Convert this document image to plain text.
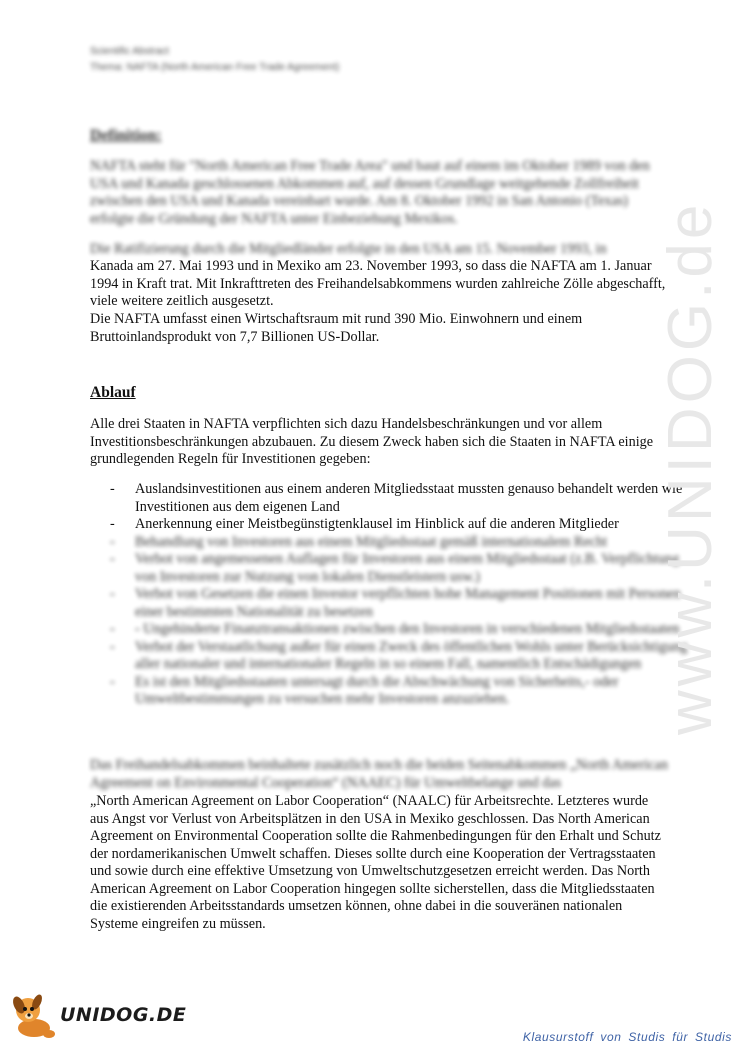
Scientific Abstract
Thema: NAFTA (North American Free Trade Agreement)
Definition:

NAFTA steht für "North American Free Trade Area" und baut auf einem im Oktober 1989 von den USA und Kanada geschlossenen Abkommen auf, auf dessen Grundlage weitgehende Zollfreiheit zwischen den USA und Kanada vereinbart wurde. Am 8. Oktober 1992 in San Antonio (Texas) erfolgte die Gründung der NAFTA unter Einbeziehung Mexikos.

Die Ratifizierung durch die Mitgliedländer erfolgte in den USA am 15. November 1993, in

Kanada am 27. Mai 1993 und in Mexiko am 23. November 1993, so dass die NAFTA am 1. Januar 1994 in Kraft trat. Mit Inkrafttreten des Freihandelsabkommens wurden zahlreiche Zölle abgeschafft, viele weitere zeitlich ausgesetzt.

Die NAFTA umfasst einen Wirtschaftsraum mit rund 390 Mio. Einwohnern und einem Bruttoinlandsprodukt von 7,7 Billionen US-Dollar.

Ablauf

Alle drei Staaten in NAFTA verpflichten sich dazu Handelsbeschränkungen und vor allem Investitionsbeschränkungen abzubauen. Zu diesem Zweck haben sich die Staaten in NAFTA einige grundlegenden Regeln für Investitionen gegeben:

- Auslandsinvestitionen aus einem anderen Mitgliedsstaat mussten genauso behandelt werden wie Investitionen aus dem eigenen Land
- Anerkennung einer Meistbegünstigtenklausel im Hinblick auf die anderen Mitglieder
- Behandlung von Investoren aus einem Mitgliedsstaat gemäß internationalem Recht
- Verbot von angemessenen Auflagen für Investoren aus einem Mitgliedsstaat (z.B. Verpflichtung von Investoren zur Nutzung von lokalen Dienstleistern usw.)
- Verbot von Gesetzen die einen Investor verpflichten hohe Management Positionen mit Personen einer bestimmten Nationalität zu besetzen
- - Ungehinderte Finanztransaktionen zwischen den Investoren in verschiedenen Mitgliedsstaaten
- Verbot der Verstaatlichung außer für einen Zweck des öffentlichen Wohls unter Berücksichtigung aller nationaler und internationaler Regeln in so einem Fall, namentlich Entschädigungen
- Es ist den Mitgliedsstaaten untersagt durch die Abschwächung von Sicherheits,- oder Umweltbestimmungen zu versuchen mehr Investoren anzuziehen.

Das Freihandelsabkommen beinhaltete zusätzlich noch die beiden Seitenabkommen „North American Agreement on Environmental Cooperation“ (NAAEC) für Umweltbelange und das

„North American Agreement on Labor Cooperation“ (NAALC) für Arbeitsrechte. Letzteres wurde aus Angst vor Verlust von Arbeitsplätzen in den USA in Mexiko geschlossen. Das North American Agreement on Environmental Cooperation sollte die Rahmenbedingungen für den Erhalt und Schutz der nordamerikanischen Umwelt schaffen. Dieses sollte durch eine Kooperation der Vertragsstaaten und sowie durch eine effektive Umsetzung von Umweltschutzgesetzen erreicht werden. Das North American Agreement on Labor Cooperation hingegen sollte sicherstellen, dass die Mitgliedsstaaten die existierenden Arbeitsstandards umsetzen können, ohne dabei in die souveränen nationalen Systeme eingreifen zu müssen.

www.UNIDOG.de
UNIDOG.DE
Klausurstoff von Studis für Studis
